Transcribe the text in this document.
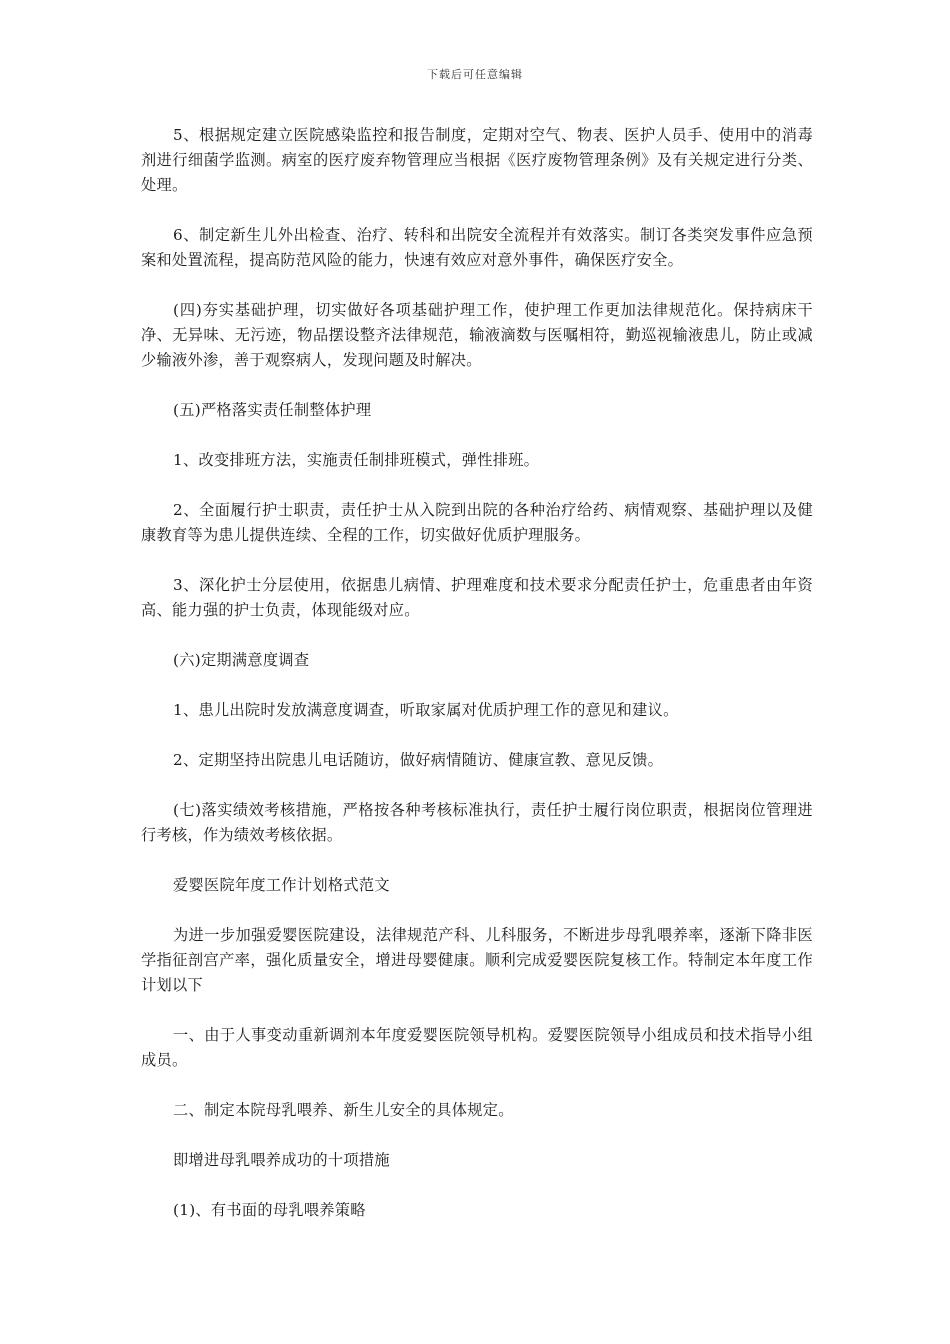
下载后可任意编辑

5、根据规定建立医院感染监控和报告制度，定期对空气、物表、医护人员手、使用中的消毒剂进行细菌学监测。病室的医疗废弃物管理应当根据《医疗废物管理条例》及有关规定进行分类、处理。

6、制定新生儿外出检查、治疗、转科和出院安全流程并有效落实。制订各类突发事件应急预案和处置流程，提高防范风险的能力，快速有效应对意外事件，确保医疗安全。

(四)夯实基础护理，切实做好各项基础护理工作，使护理工作更加法律规范化。保持病床干净、无异味、无污迹，物品摆设整齐法律规范，输液滴数与医嘱相符，勤巡视输液患儿，防止或减少输液外渗，善于观察病人，发现问题及时解决。

(五)严格落实责任制整体护理

1、改变排班方法，实施责任制排班模式，弹性排班。

2、全面履行护士职责，责任护士从入院到出院的各种治疗给药、病情观察、基础护理以及健康教育等为患儿提供连续、全程的工作，切实做好优质护理服务。

3、深化护士分层使用，依据患儿病情、护理难度和技术要求分配责任护士，危重患者由年资高、能力强的护士负责，体现能级对应。

(六)定期满意度调查

1、患儿出院时发放满意度调查，听取家属对优质护理工作的意见和建议。

2、定期坚持出院患儿电话随访，做好病情随访、健康宣教、意见反馈。

(七)落实绩效考核措施，严格按各种考核标准执行，责任护士履行岗位职责，根据岗位管理进行考核，作为绩效考核依据。

爱婴医院年度工作计划格式范文

为进一步加强爱婴医院建设，法律规范产科、儿科服务，不断进步母乳喂养率，逐渐下降非医学指征剖宫产率，强化质量安全，增进母婴健康。顺利完成爱婴医院复核工作。特制定本年度工作计划以下

一、由于人事变动重新调剂本年度爱婴医院领导机构。爱婴医院领导小组成员和技术指导小组成员。

二、制定本院母乳喂养、新生儿安全的具体规定。

即增进母乳喂养成功的十项措施

(1)、有书面的母乳喂养策略
